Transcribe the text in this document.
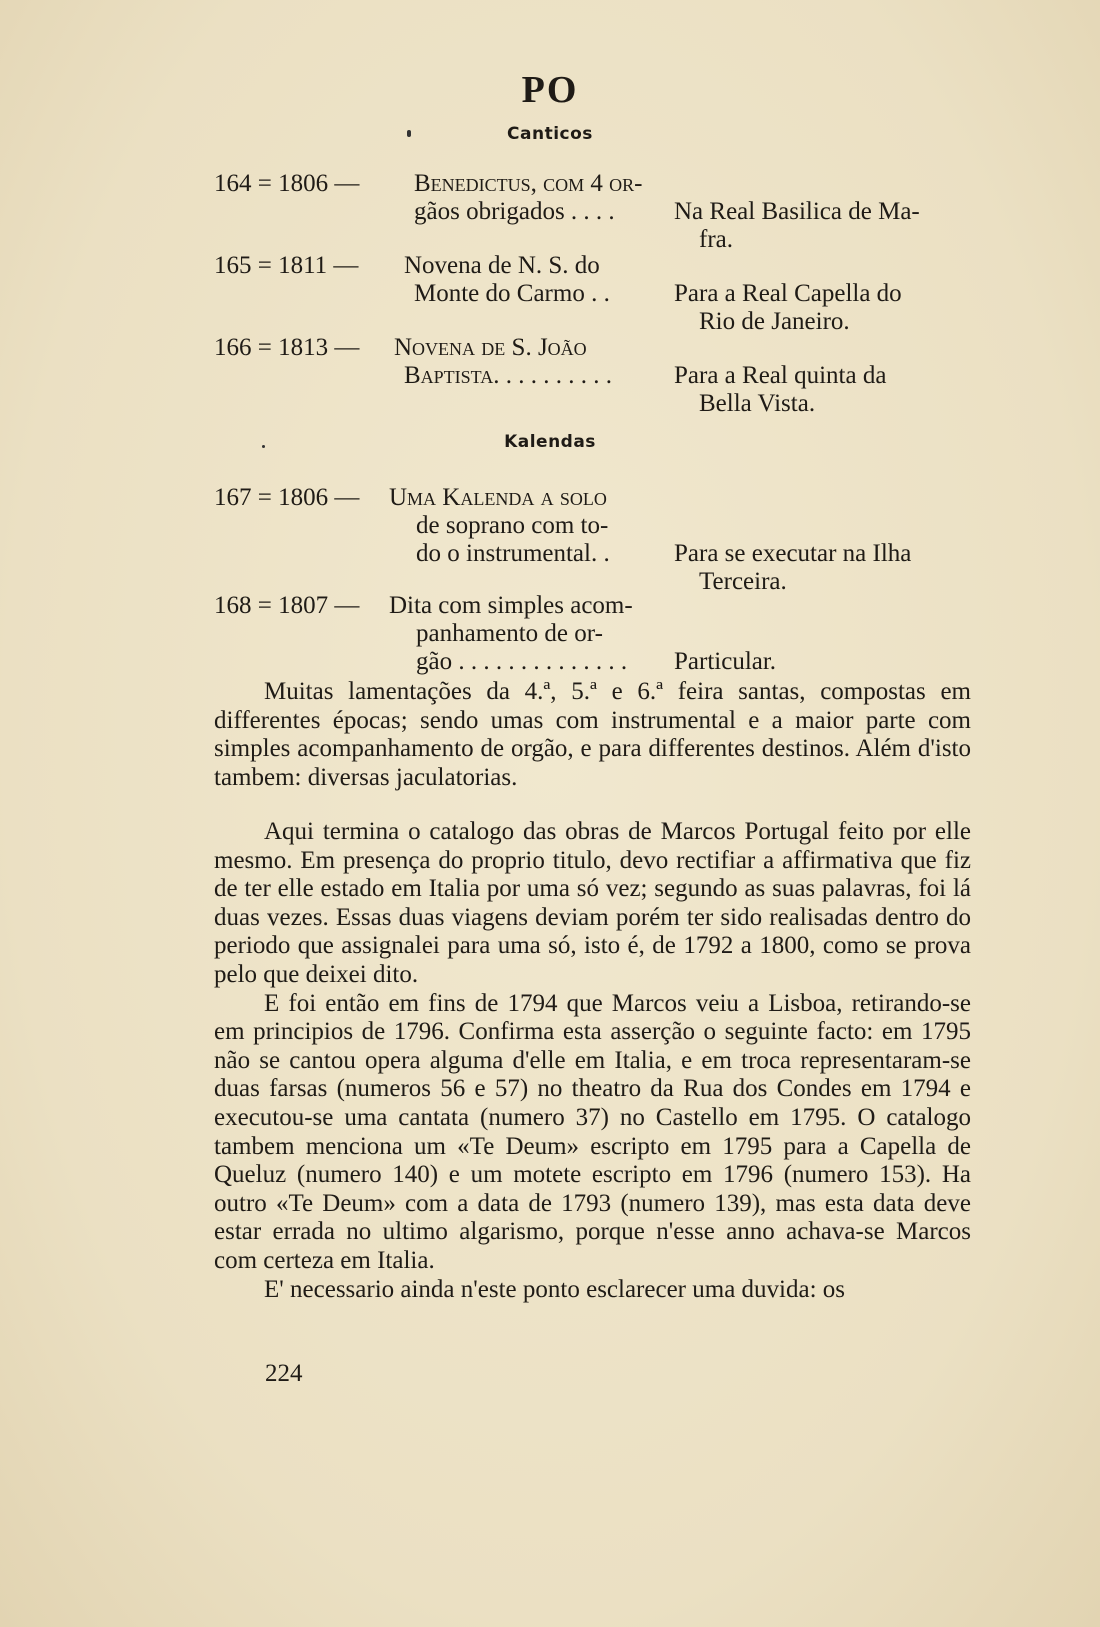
PO
Canticos
164 = 1806 — Benedictus, com 4 or-
gãos obrigados . . . . Na Real Basilica de Ma-
fra.
165 = 1811 — Novena de N. S. do
Monte do Carmo . .	Para a Real Capella do
Rio de Janeiro.
166 = 1813 — Novena de S. João
Baptista. . . . . . . . . . Para a Real quinta da
Bella Vista.
Kalendas
167 = 1806 — Uma Kalenda a solo
de soprano com to-
do o instrumental. .	Para se executar na Ilha
Terceira.
168 = 1807 — Dita com simples acom-
panhamento de or-
gão . . . . . . . . . . . . . . Particular.

Muitas lamentações da 4.ª, 5.ª e 6.ª feira santas, compostas em differentes épocas; sendo umas com instrumental e a maior parte com simples acompanhamento de orgão, e para differentes destinos. Além d'isto tambem: diversas jaculatorias.

Aqui termina o catalogo das obras de Marcos Portugal feito por elle mesmo. Em presença do proprio titulo, devo rectifiar a affirmativa que fiz de ter elle estado em Italia por uma só vez; segundo as suas palavras, foi lá duas vezes. Essas duas viagens deviam porém ter sido realisadas dentro do periodo que assignalei para uma só, isto é, de 1792 a 1800, como se prova pelo que deixei dito.

E foi então em fins de 1794 que Marcos veiu a Lisboa, retirando-se em principios de 1796. Confirma esta asserção o seguinte facto: em 1795 não se cantou opera alguma d'elle em Italia, e em troca representaram-se duas farsas (numeros 56 e 57) no theatro da Rua dos Condes em 1794 e executou-se uma cantata (numero 37) no Castello em 1795. O catalogo tambem menciona um «Te Deum» escripto em 1795 para a Capella de Queluz (numero 140) e um motete escripto em 1796 (numero 153). Ha outro «Te Deum» com a data de 1793 (numero 139), mas esta data deve estar errada no ultimo algarismo, porque n'esse anno achava-se Marcos com certeza em Italia.

E' necessario ainda n'este ponto esclarecer uma duvida: os

224
